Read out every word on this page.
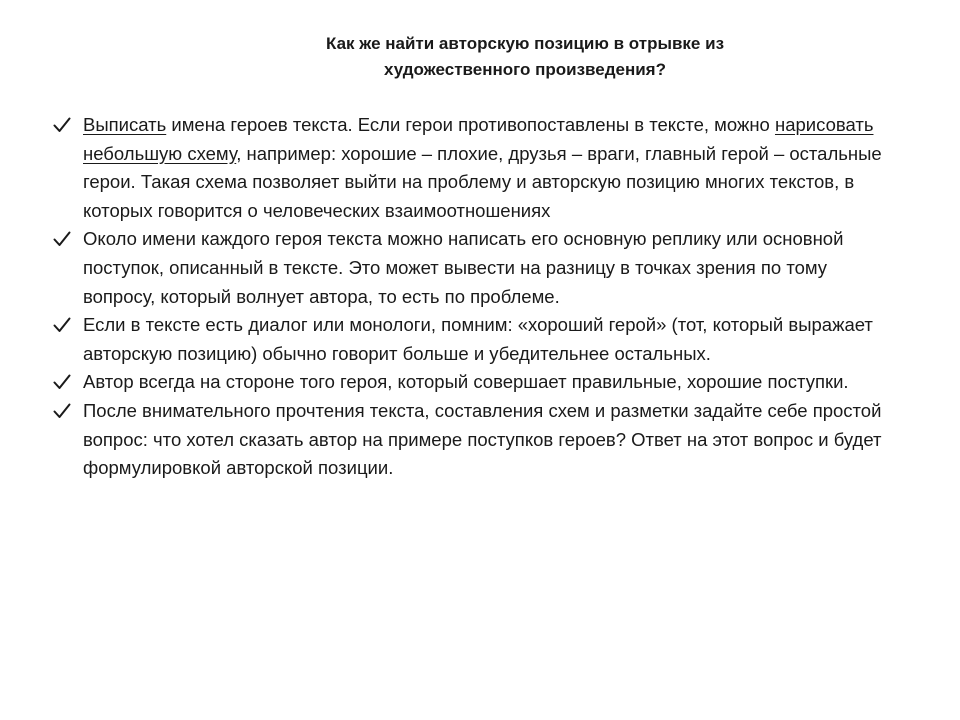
Как же найти авторскую позицию в отрывке из
художественного произведения?
Выписать имена героев текста. Если герои противопоставлены в тексте, можно нарисовать небольшую схему, например: хорошие – плохие, друзья – враги, главный герой – остальные герои. Такая схема позволяет выйти на проблему и авторскую позицию многих текстов, в которых говорится о человеческих взаимоотношениях
Около имени каждого героя текста можно написать его основную реплику или основной поступок, описанный в тексте. Это может вывести на разницу в точках зрения по тому вопросу, который волнует автора, то есть по проблеме.
Если в тексте есть диалог или монологи, помним: «хороший герой» (тот, который выражает авторскую позицию) обычно говорит больше и убедительнее остальных.
Автор всегда на стороне того героя, который совершает правильные, хорошие поступки.
После внимательного прочтения текста, составления схем и разметки задайте себе простой вопрос: что хотел сказать автор на примере поступков героев? Ответ на этот вопрос и будет формулировкой авторской позиции.
